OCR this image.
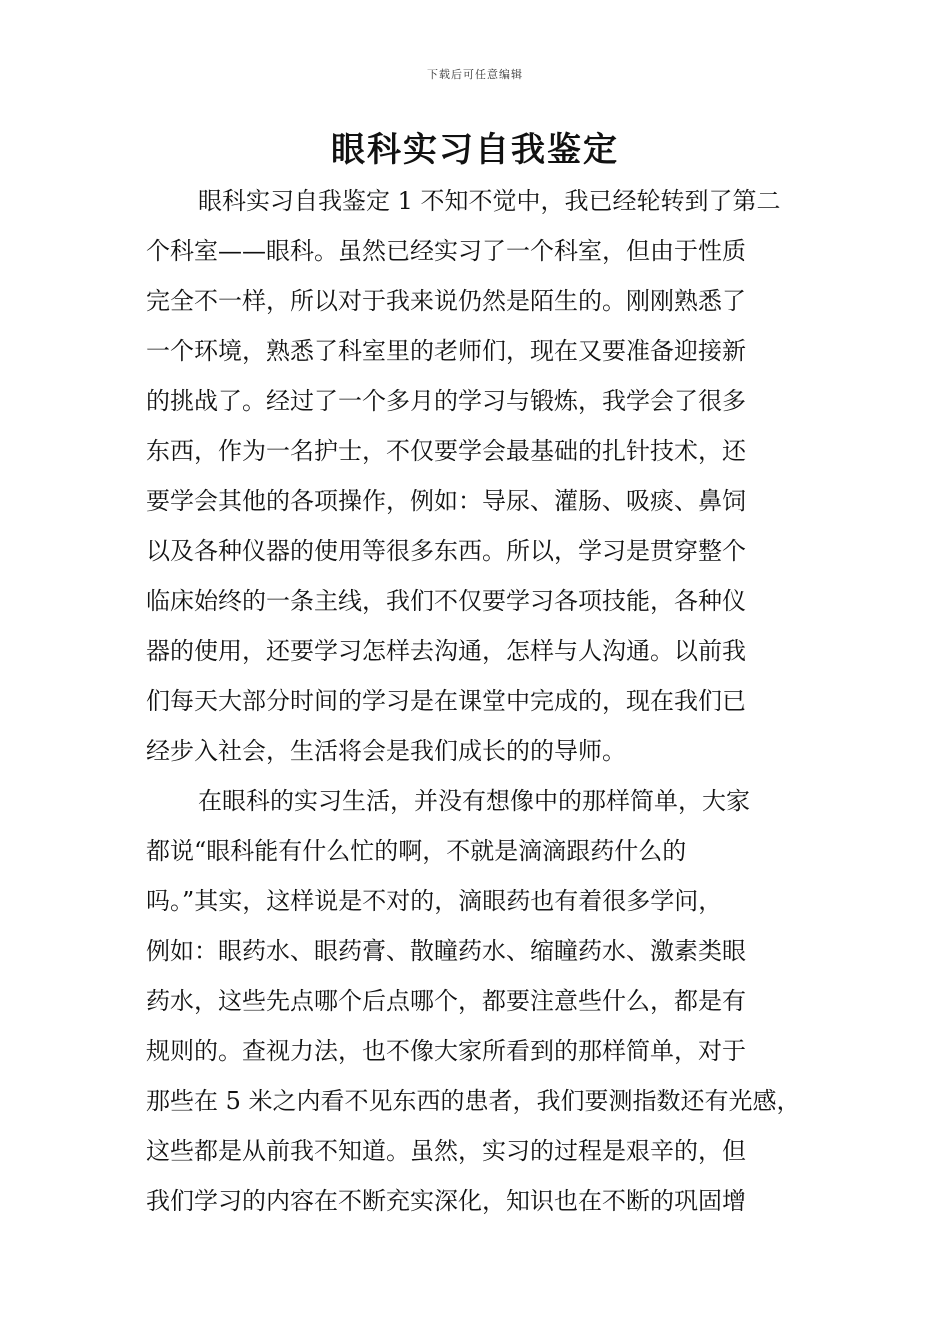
下载后可任意编辑
眼科实习自我鉴定
眼科实习自我鉴定 1 不知不觉中，我已经轮转到了第二
个科室——眼科。虽然已经实习了一个科室，但由于性质
完全不一样，所以对于我来说仍然是陌生的。刚刚熟悉了
一个环境，熟悉了科室里的老师们，现在又要准备迎接新
的挑战了。经过了一个多月的学习与锻炼，我学会了很多
东西，作为一名护士，不仅要学会最基础的扎针技术，还
要学会其他的各项操作，例如：导尿、灌肠、吸痰、鼻饲
以及各种仪器的使用等很多东西。所以，学习是贯穿整个
临床始终的一条主线，我们不仅要学习各项技能，各种仪
器的使用，还要学习怎样去沟通，怎样与人沟通。以前我
们每天大部分时间的学习是在课堂中完成的，现在我们已
经步入社会，生活将会是我们成长的的导师。
在眼科的实习生活，并没有想像中的那样简单，大家
都说“眼科能有什么忙的啊，不就是滴滴跟药什么的
吗。”其实，这样说是不对的，滴眼药也有着很多学问，
例如：眼药水、眼药膏、散瞳药水、缩瞳药水、激素类眼
药水，这些先点哪个后点哪个，都要注意些什么，都是有
规则的。查视力法，也不像大家所看到的那样简单，对于
那些在 5 米之内看不见东西的患者，我们要测指数还有光感，
这些都是从前我不知道。虽然，实习的过程是艰辛的，但
我们学习的内容在不断充实深化，知识也在不断的巩固增
